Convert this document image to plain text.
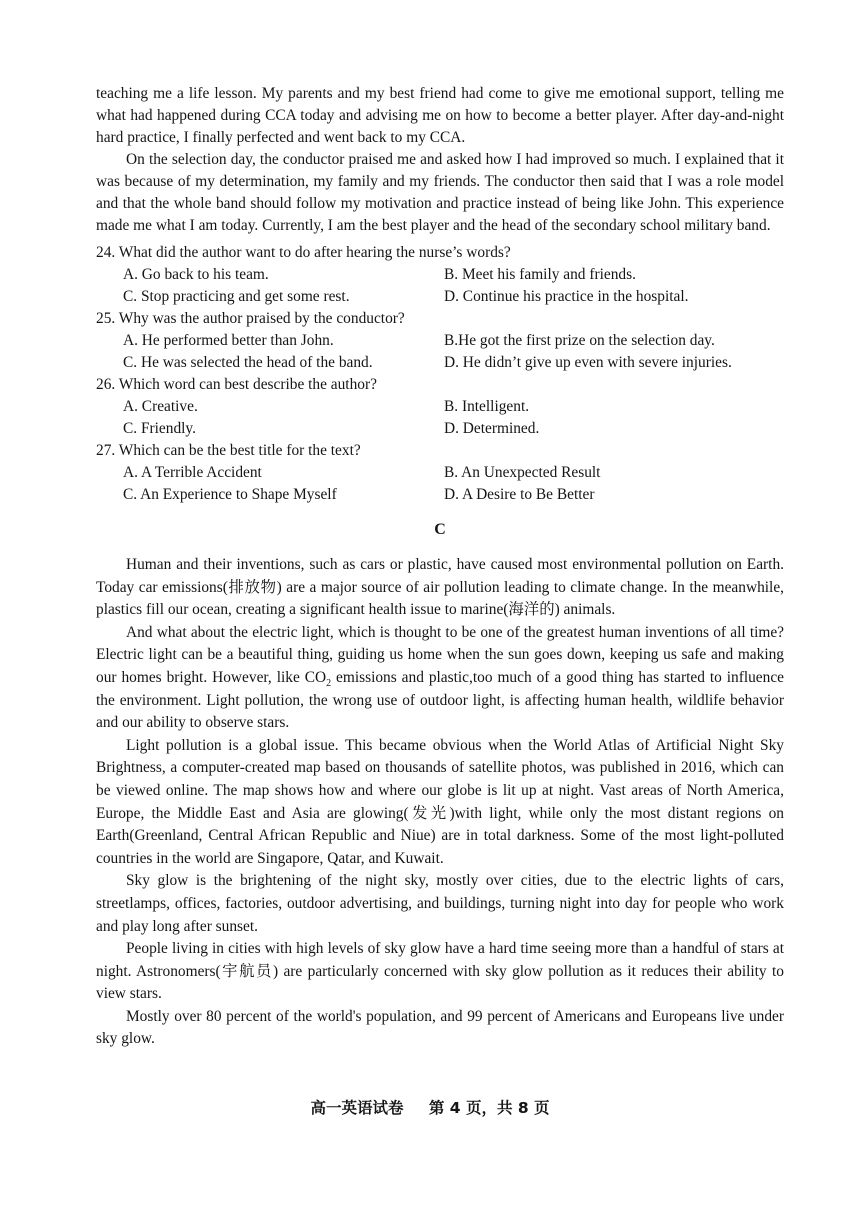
teaching me a life lesson. My parents and my best friend had come to give me emotional support, telling me what had happened during CCA today and advising me on how to become a better player. After day-and-night hard practice, I finally perfected and went back to my CCA.

On the selection day, the conductor praised me and asked how I had improved so much. I explained that it was because of my determination, my family and my friends. The conductor then said that I was a role model and that the whole band should follow my motivation and practice instead of being like John. This experience made me what I am today. Currently, I am the best player and the head of the secondary school military band.

24. What did the author want to do after hearing the nurse’s words?

A. Go back to his team.	B. Meet his family and friends.
C. Stop practicing and get some rest.	D. Continue his practice in the hospital.

25. Why was the author praised by the conductor?

A. He performed better than John.	B.He got the first prize on the selection day.
C. He was selected the head of the band.	D. He didn’t give up even with severe injuries.

26. Which word can best describe the author?

A. Creative.	B. Intelligent.
C. Friendly.	D. Determined.

27. Which can be the best title for the text?

A. A Terrible Accident	B. An Unexpected Result
C. An Experience to Shape Myself	D. A Desire to Be Better
C

Human and their inventions, such as cars or plastic, have caused most environmental pollution on Earth. Today car emissions(排放物) are a major source of air pollution leading to climate change. In the meanwhile, plastics fill our ocean, creating a significant health issue to marine(海洋的) animals.

And what about the electric light, which is thought to be one of the greatest human inventions of all time? Electric light can be a beautiful thing, guiding us home when the sun goes down, keeping us safe and making our homes bright. However, like $CO_2$ emissions and plastic,too much of a good thing has started to influence the environment. Light pollution, the wrong use of outdoor light, is affecting human health, wildlife behavior and our ability to observe stars.

Light pollution is a global issue. This became obvious when the World Atlas of Artificial Night Sky Brightness, a computer-created map based on thousands of satellite photos, was published in 2016, which can be viewed online. The map shows how and where our globe is lit up at night. Vast areas of North America, Europe, the Middle East and Asia are glowing(发光)with light, while only the most distant regions on Earth(Greenland, Central African Republic and Niue) are in total darkness. Some of the most light-polluted countries in the world are Singapore, Qatar, and Kuwait.

Sky glow is the brightening of the night sky, mostly over cities, due to the electric lights of cars, streetlamps, offices, factories, outdoor advertising, and buildings, turning night into day for people who work and play long after sunset.

People living in cities with high levels of sky glow have a hard time seeing more than a handful of stars at night. Astronomers(宇航员) are particularly concerned with sky glow pollution as it reduces their ability to view stars.

Mostly over 80 percent of the world's population, and 99 percent of Americans and Europeans live under sky glow.

高一英语试卷 第 4 页，共 8 页
